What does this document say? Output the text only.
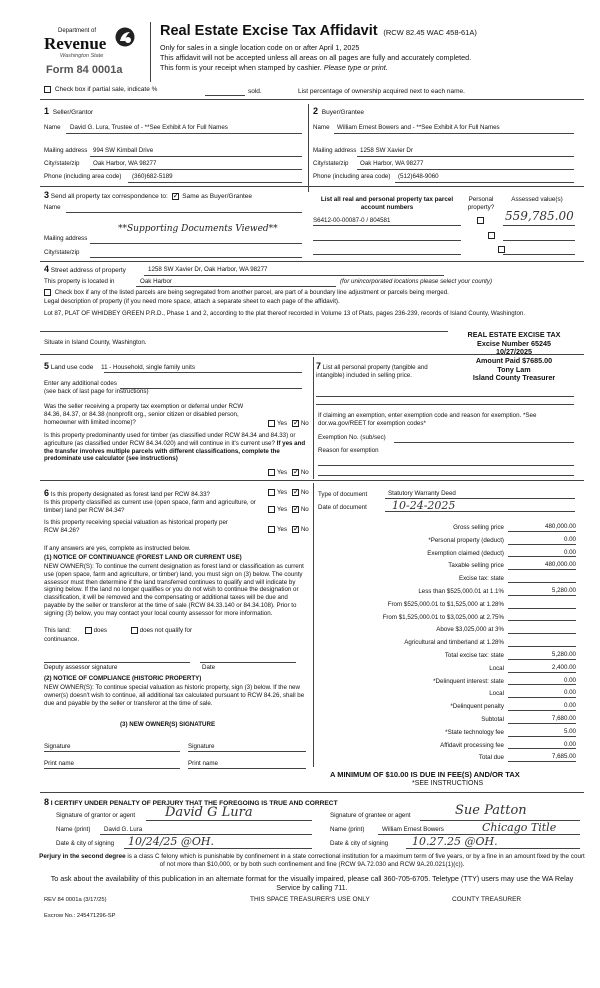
Department of
Revenue
Washington State
Form 84 0001a
Real Estate Excise Tax Affidavit (RCW 82.45 WAC 458-61A)
Only for sales in a single location code on or after April 1, 2025
This affidavit will not be accepted unless all areas on all pages are fully and accurately completed.
This form is your receipt when stamped by cashier. Please type or print.
Check box if partial sale, indicate %	sold.	List percentage of ownership acquired next to each name.
1 Seller/Grantor
Name David G. Lura, Trustee of - **See Exhibit A for Full Names
Mailing address 994 SW Kimball Drive
City/state/zip Oak Harbor, WA 98277
Phone (including area code) (360)682-5189
2 Buyer/Grantee
Name William Ernest Bowers and - **See Exhibit A for Full Names
Mailing address 1258 SW Xavier Dr
City/state/zip Oak Harbor, WA 98277
Phone (including area code) (512)648-9060
3 Send all property tax correspondence to: ✓ Same as Buyer/Grantee
Name
**Supporting Documents Viewed**
Mailing address
City/state/zip
List all real and personal property tax parcel account numbers
Personal property?
Assessed value(s)
S6412-00-00087-0 / 804581
	559,785.00
4 Street address of property	1258 SW Xavier Dr, Oak Harbor, WA 98277
This property is located in	Oak Harbor	(for unincorporated locations please select your county)
Check box if any of the listed parcels are being segregated from another parcel, are part of a boundary line adjustment or parcels being merged.
Legal description of property (if you need more space, attach a separate sheet to each page of the affidavit).
Lot 87, PLAT OF WHIDBEY GREEN P.R.D., Phase 1 and 2, according to the plat thereof recorded in Volume 13 of Plats, pages 236-239, records of Island County, Washington.
Situate in Island County, Washington.
REAL ESTATE EXCISE TAX
Excise Number 65245
10/27/2025
Amount Paid $7685.00
Tony Lam
Island County Treasurer
5 Land use code 11 - Household, single family units
Enter any additional codes
(see back of last page for instructions)
Was the seller receiving a property tax exemption or deferral under RCW 84.36, 84.37, or 84.38 (nonprofit org., senior citizen or disabled person, homeowner with limited income)?	Yes ✓ No
Is this property predominantly used for timber (as classified under RCW 84.34 and 84.33) or agriculture (as classified under RCW 84.34.020) and will continue in it's current use? If yes and the transfer involves multiple parcels with different classifications, complete the predominate use calculator (see instructions)
Yes ✓ No
7 List all personal property (tangible and intangible) included in selling price.
If claiming an exemption, enter exemption code and reason for exemption. *See dor.wa.gov/REET for exemption codes*
Exemption No. (sub/sec)
Reason for exemption
6 Is this property designated as forest land per RCW 84.33?	Yes ✓ No
Is this property classified as current use (open space, farm and agriculture, or timber) land per RCW 84.34?	Yes ✓ No
Is this property receiving special valuation as historical property per RCW 84.26?	Yes ✓ No
If any answers are yes, complete as instructed below.
(1) NOTICE OF CONTINUANCE (FOREST LAND OR CURRENT USE)
NEW OWNER(S): To continue the current designation as forest land or classification as current use (open space, farm and agriculture, or timber) land, you must sign on (3) below. The county assessor must then determine if the land transferred continues to qualify and will indicate by signing below. If the land no longer qualifies or you do not wish to continue the designation or classification, it will be removed and the compensating or additional taxes will be due and payable by the seller or transferor at the time of sale (RCW 84.33.140 or 84.34.108). Prior to signing (3) below, you may contact your local county assessor for more information.
This land:	does	does not qualify for
continuance.
Deputy assessor signature	Date
(2) NOTICE OF COMPLIANCE (HISTORIC PROPERTY)
NEW OWNER(S): To continue special valuation as historic property, sign (3) below. If the new owner(s) doesn't wish to continue, all additional tax calculated pursuant to RCW 84.26, shall be due and payable by the seller or transferor at the time of sale.
(3) NEW OWNER(S) SIGNATURE
Signature	Signature
Print name	Print name
Type of document	Statutory Warranty Deed
Date of document 10-24-2025
Gross selling price	480,000.00
*Personal property (deduct)	0.00
Exemption claimed (deduct)	0.00
Taxable selling price	480,000.00
Excise tax: state
Less than $525,000.01 at 1.1%	5,280.00
From $525,000.01 to $1,525,000 at 1.28%
From $1,525,000.01 to $3,025,000 at 2.75%
Above $3,025,000 at 3%
Agricultural and timberland at 1.28%
Total excise tax: state	5,280.00
Local	2,400.00
*Delinquent interest: state	0.00
Local	0.00
*Delinquent penalty	0.00
Subtotal	7,680.00
*State technology fee	5.00
Affidavit processing fee	0.00
Total due	7,685.00
A MINIMUM OF $10.00 IS DUE IN FEE(S) AND/OR TAX
*SEE INSTRUCTIONS
8 I CERTIFY UNDER PENALTY OF PERJURY THAT THE FOREGOING IS TRUE AND CORRECT
Signature of grantor or agent David G Lura
Name (print) David G. Lura
Date & city of signing 10/24/25 @OH.
Signature of grantee or agent	Sue Patton
Name (print)	William Ernest Bowers	Chicago Title
Date & city of signing 10.27.25 @OH.
Perjury in the second degree is a class C felony which is punishable by confinement in a state correctional institution for a maximum term of five years, or by a fine in an amount fixed by the court of not more than $10,000, or by both such confinement and fine (RCW 9A.72.030 and RCW 9A.20.021(1)(c)).
To ask about the availability of this publication in an alternate format for the visually impaired, please call 360-705-6705. Teletype (TTY) users may use the WA Relay Service by calling 711.
REV 84 0001a (3/17/25)	THIS SPACE TREASURER'S USE ONLY	COUNTY TREASURER
Escrow No.: 245471296-SP
